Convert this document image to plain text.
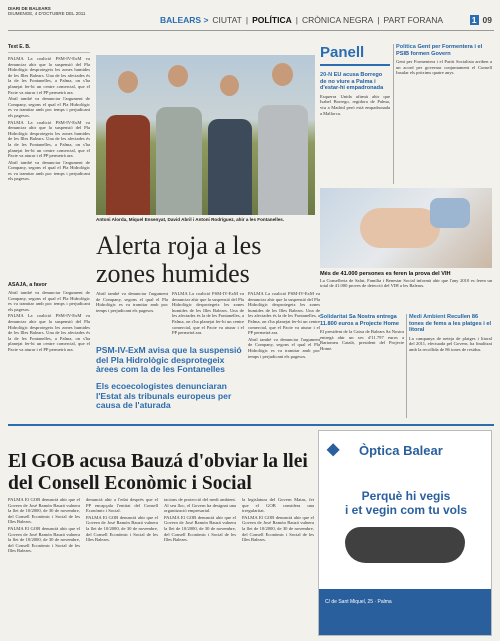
DIARI DE BALEARS
DIUMENGE, 4 D'OCTUBRE DEL 2011
BALEARS > CIUTAT | POLÍTICA | CRÒNICA NEGRA | PART FORANA	1 09
Text E. B.

PALMA La coalició PSM-IV-ExM va denunciar ahir que la suspensió del Pla Hidrològic desprotegeix les zones humides de les Illes Balears. Una de les afectades és la de les Fontanelles, a Palma, on s'ha planejat fer-hi un centre comercial, que el Pacte va aturar i el PP permetrà ara.

Abril també va denunciar l'argument de Company, segons el qual el Pla Hidrològic es va tramitar amb poc temps i perjudicant els pagesos.

PALMA La coalició PSM-IV-ExM va denunciar ahir que la suspensió del Pla Hidrològic desprotegeix les zones humides de les Illes Balears. Una de les afectades és la de les Fontanelles, a Palma, on s'ha planejat fer-hi un centre comercial, que el Pacte va aturar i el PP permetrà ara.

Abril també va denunciar l'argument de Company, segons el qual el Pla Hidrològic es va tramitar amb poc temps i perjudicant els pagesos.

ASAJA, a favor

Abril també va denunciar l'argument de Company, segons el qual el Pla Hidrològic es va tramitar amb poc temps i perjudicant els pagesos.

PALMA La coalició PSM-IV-ExM va denunciar ahir que la suspensió del Pla Hidrològic desprotegeix les zones humides de les Illes Balears. Una de les afectades és la de les Fontanelles, a Palma, on s'ha planejat fer-hi un centre comercial, que el Pacte va aturar i el PP permetrà ara.

Antoni Alorda, Miquel Ensenyat, David Abril i Antoni Rodríguez, ahir a les Fontanelles.
Alerta roja a les
zones humides

Abril també va denunciar l'argument de Company, segons el qual el Pla Hidrològic es va tramitar amb poc temps i perjudicant els pagesos.

PALMA La coalició PSM-IV-ExM va denunciar ahir que la suspensió del Pla Hidrològic desprotegeix les zones humides de les Illes Balears. Una de les afectades és la de les Fontanelles, a Palma, on s'ha planejat fer-hi un centre comercial, que el Pacte va aturar i el PP permetrà ara.

PALMA La coalició PSM-IV-ExM va denunciar ahir que la suspensió del Pla Hidrològic desprotegeix les zones humides de les Illes Balears. Una de les afectades és la de les Fontanelles, a Palma, on s'ha planejat fer-hi un centre comercial, que el Pacte va aturar i el PP permetrà ara.

Abril també va denunciar l'argument de Company, segons el qual el Pla Hidrològic es va tramitar amb poc temps i perjudicant els pagesos.

PSM-IV-ExM avisa que la suspensió del Pla Hidrològic desprotegeix àrees com la de les Fontanelles
Els ecoecologistes denunciaran l'Estat als tribunals europeus per causa de l'aturada
Panell
20-N EU acusa Borrego de no viure a Palma i d'estar-hi empadronada
Esquerra Unida afirmà ahir que Isabel Borrego, regidora de Palma, viu a Madrid però està empadronada a Mallorca.
Política Gent per Formentera i el PSIB formen Govern
Gent per Formentera i el Partit Socialista arriben a un acord per governar conjuntament el Consell Insular els pròxims quatre anys.
Més de 41.000 persones es feren la prova del VIH
La Conselleria de Salut, Família i Benestar Social informà ahir que l'any 2010 es feren un total de 41.000 proves de detecció del VIH a les Balears.
Solidaritat Sa Nostra entrega 11.800 euros a Projecte Home
El president de la Caixa de Balears Sa Nostra entregà ahir un xec d'11.797 euros a Bartomeu Catalá, president del Projecte Home.
Medi Ambient Recullen 86 tones de fems a les platges i el litoral
La campanya de neteja de platges i litoral del 2011, efectuada pel Govern, ha finalitzat amb la recollida de 86 tones de residus.
El GOB acusa Bauzá d'obviar la llei del Consell Econòmic i Social

PALMA El GOB denuncià ahir que el Govern de José Ramón Bauzá vulnera la llei de 10/2000, de 30 de novembre, del Consell Econòmic i Social de les Illes Balears.

PALMA El GOB denuncià ahir que el Govern de José Ramón Bauzá vulnera la llei de 10/2000, de 30 de novembre, del Consell Econòmic i Social de les Illes Balears.

denuncià ahir a l'edat desprès que el PP encapçala l'entitat del Consell Econòmic i Social.

PALMA El GOB denuncià ahir que el Govern de José Ramón Bauzá vulnera la llei de 10/2000, de 30 de novembre, del Consell Econòmic i Social de les Illes Balears.

tacions de protecció del medi ambient. Al seu lloc, el Govern ha designat una organització empresarial.

PALMA El GOB denuncià ahir que el Govern de José Ramón Bauzá vulnera la llei de 10/2000, de 30 de novembre, del Consell Econòmic i Social de les Illes Balears.

la legislatura del Govern Matas, fet que el GOB considera una irregularitat.

PALMA El GOB denuncià ahir que el Govern de José Ramón Bauzá vulnera la llei de 10/2000, de 30 de novembre, del Consell Econòmic i Social de les Illes Balears.

◆	Òptica Balear
Perquè hi vegis
i et vegin com tu vols
C/ de Sant Miquel, 25 · Palma
